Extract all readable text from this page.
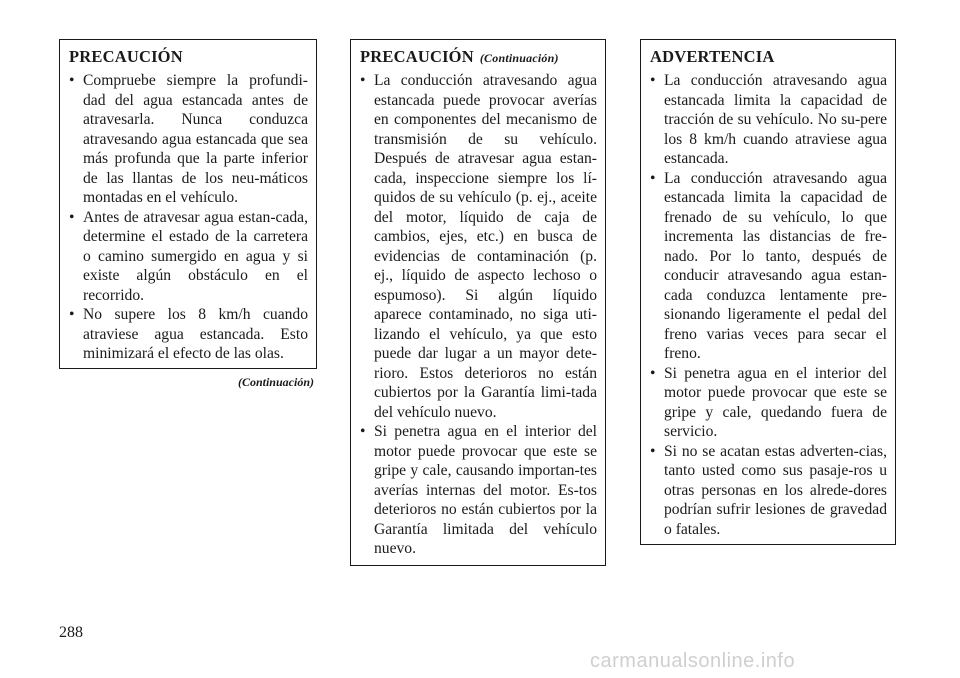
PRECAUCIÓN
• Compruebe siempre la profundi-dad del agua estancada antes de atravesarla. Nunca conduzca atravesando agua estancada que sea más profunda que la parte inferior de las llantas de los neu-máticos montadas en el vehículo.
• Antes de atravesar agua estan-cada, determine el estado de la carretera o camino sumergido en agua y si existe algún obstáculo en el recorrido.
• No supere los 8 km/h cuando atraviese agua estancada. Esto minimizará el efecto de las olas.
(Continuación)
PRECAUCIÓN (Continuación)
• La conducción atravesando agua estancada puede provocar averías en componentes del mecanismo de transmisión de su vehículo. Después de atravesar agua estan-cada, inspeccione siempre los lí-quidos de su vehículo (p. ej., aceite del motor, líquido de caja de cambios, ejes, etc.) en busca de evidencias de contaminación (p. ej., líquido de aspecto lechoso o espumoso). Si algún líquido aparece contaminado, no siga uti-lizando el vehículo, ya que esto puede dar lugar a un mayor dete-rioro. Estos deterioros no están cubiertos por la Garantía limi-tada del vehículo nuevo.
• Si penetra agua en el interior del motor puede provocar que este se gripe y cale, causando importan-tes averías internas del motor. Es-tos deterioros no están cubiertos por la Garantía limitada del vehículo nuevo.
ADVERTENCIA
• La conducción atravesando agua estancada limita la capacidad de tracción de su vehículo. No su-pere los 8 km/h cuando atraviese agua estancada.
• La conducción atravesando agua estancada limita la capacidad de frenado de su vehículo, lo que incrementa las distancias de fre-nado. Por lo tanto, después de conducir atravesando agua estan-cada conduzca lentamente pre-sionando ligeramente el pedal del freno varias veces para secar el freno.
• Si penetra agua en el interior del motor puede provocar que este se gripe y cale, quedando fuera de servicio.
• Si no se acatan estas adverten-cias, tanto usted como sus pasaje-ros u otras personas en los alrede-dores podrían sufrir lesiones de gravedad o fatales.
288
carmanualsonline.info
